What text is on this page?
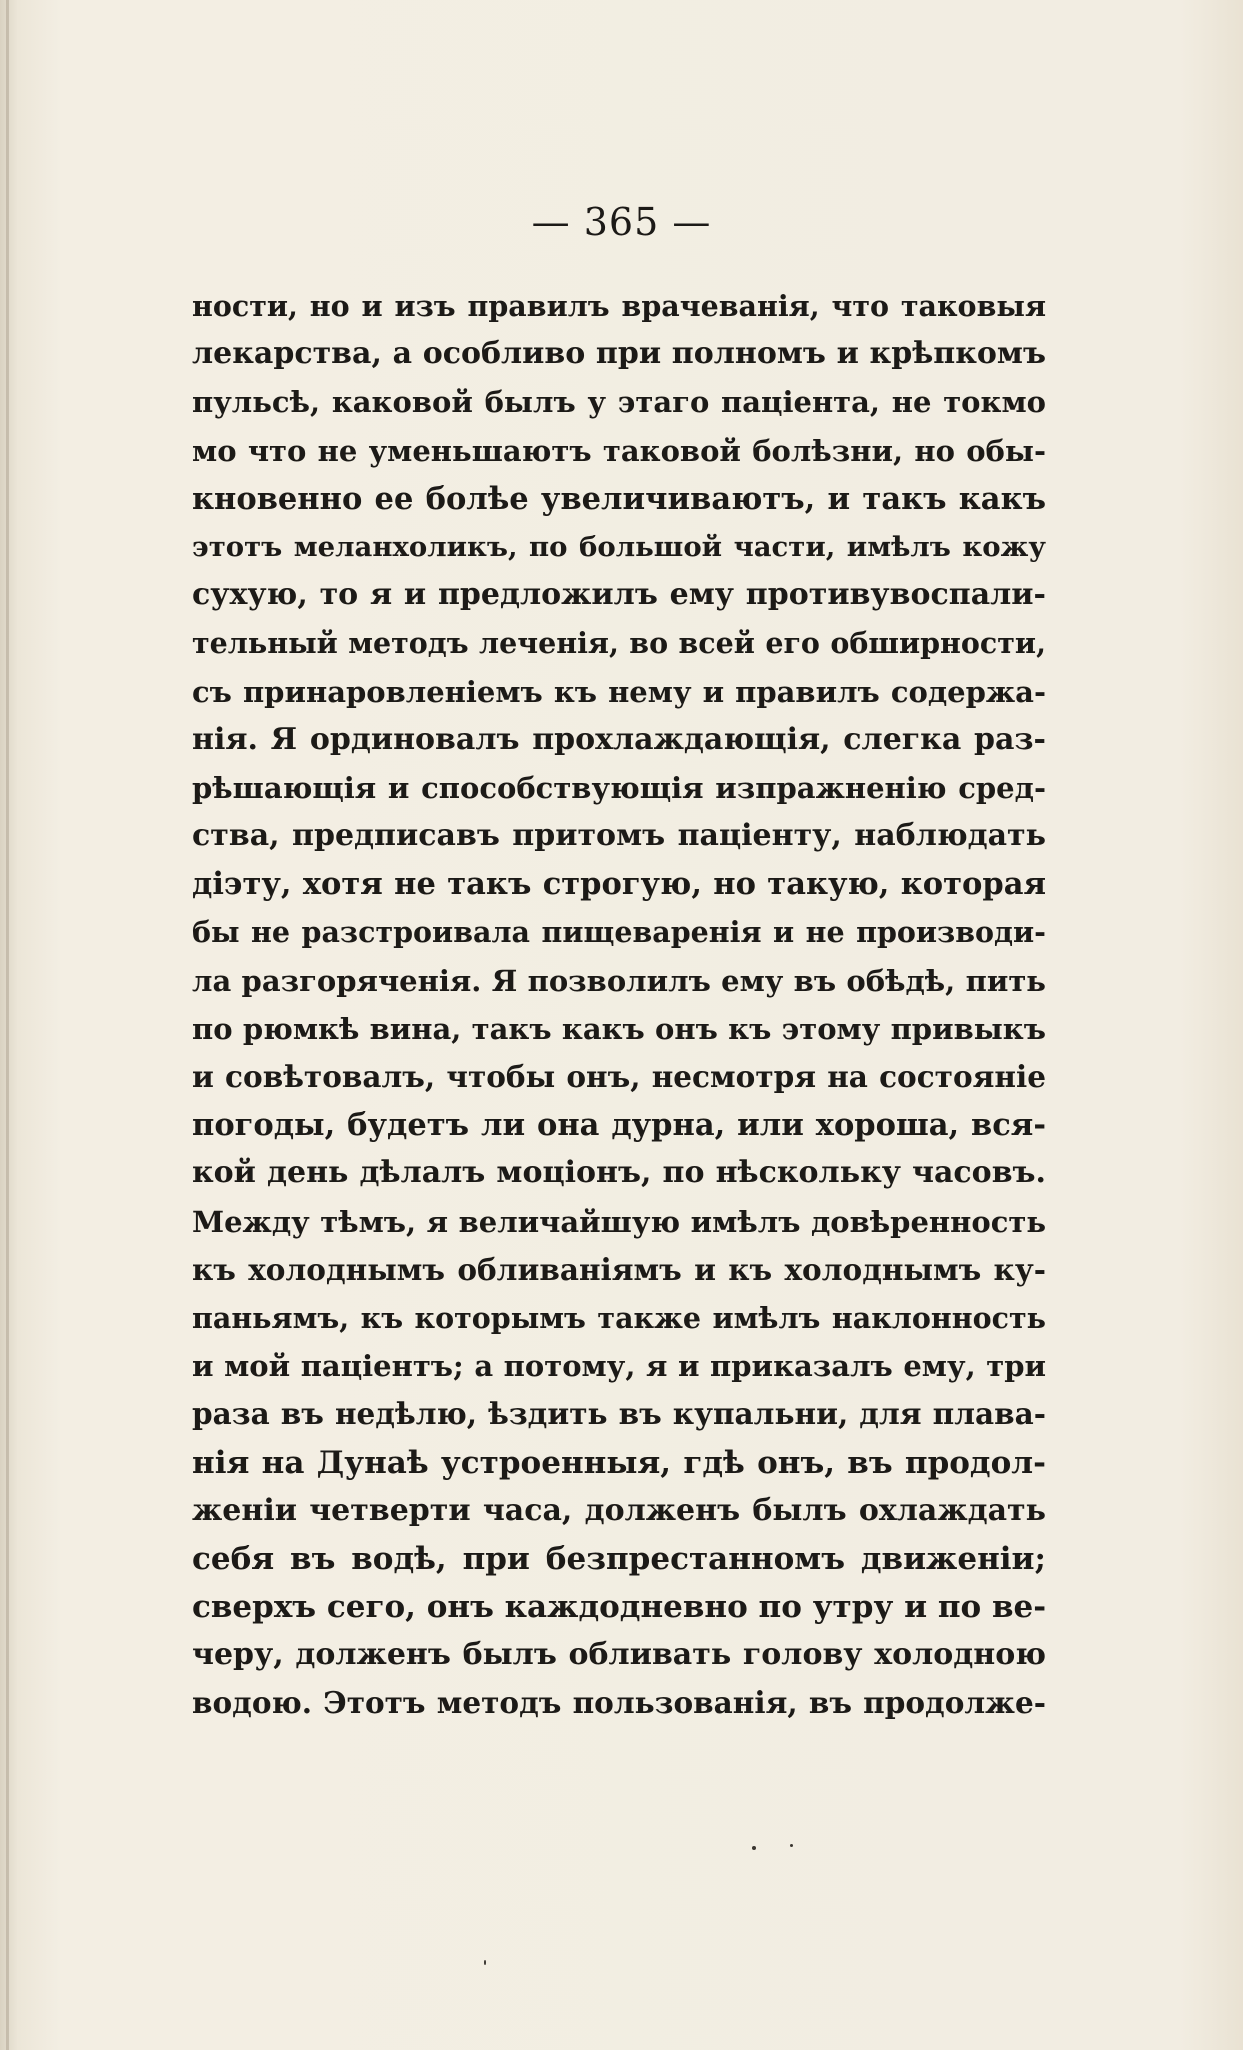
— 365 —
ности, но и изъ правилъ врачеванія, что таковыя
лекарства, а особливо при полномъ и крѣпкомъ
пульсѣ, каковой былъ у этаго паціента, не токмо
мо что не уменьшаютъ таковой болѣзни, но обы-
кновенно ее болѣе увеличиваютъ, и такъ какъ
этотъ меланхоликъ, по большой части, имѣлъ кожу
сухую, то я и предложилъ ему противувоспали-
тельный методъ леченія, во всей его обширности,
съ принаровленіемъ къ нему и правилъ содержа-
нія. Я ординовалъ прохлаждающія, слегка раз-
рѣшающія и способствующія изпражненію сред-
ства, предписавъ притомъ паціенту, наблюдать
діэту, хотя не такъ строгую, но такую, которая
бы не разстроивала пищеваренія и не производи-
ла разгоряченія. Я позволилъ ему въ обѣдѣ, пить
по рюмкѣ вина, такъ какъ онъ къ этому привыкъ
и совѣтовалъ, чтобы онъ, несмотря на состояніе
погоды, будетъ ли она дурна, или хороша, вся-
кой день дѣлалъ моціонъ, по нѣскольку часовъ.
Между тѣмъ, я величайшую имѣлъ довѣренность
къ холоднымъ обливаніямъ и къ холоднымъ ку-
паньямъ, къ которымъ также имѣлъ наклонность
и мой паціентъ; а потому, я и приказалъ ему, три
раза въ недѣлю, ѣздить въ купальни, для плава-
нія на Дунаѣ устроенныя, гдѣ онъ, въ продол-
женіи четверти часа, долженъ былъ охлаждать
себя въ водѣ, при безпрестанномъ движеніи;
сверхъ сего, онъ каждодневно по утру и по ве-
черу, долженъ былъ обливать голову холодною
водою. Этотъ методъ пользованія, въ продолже-
